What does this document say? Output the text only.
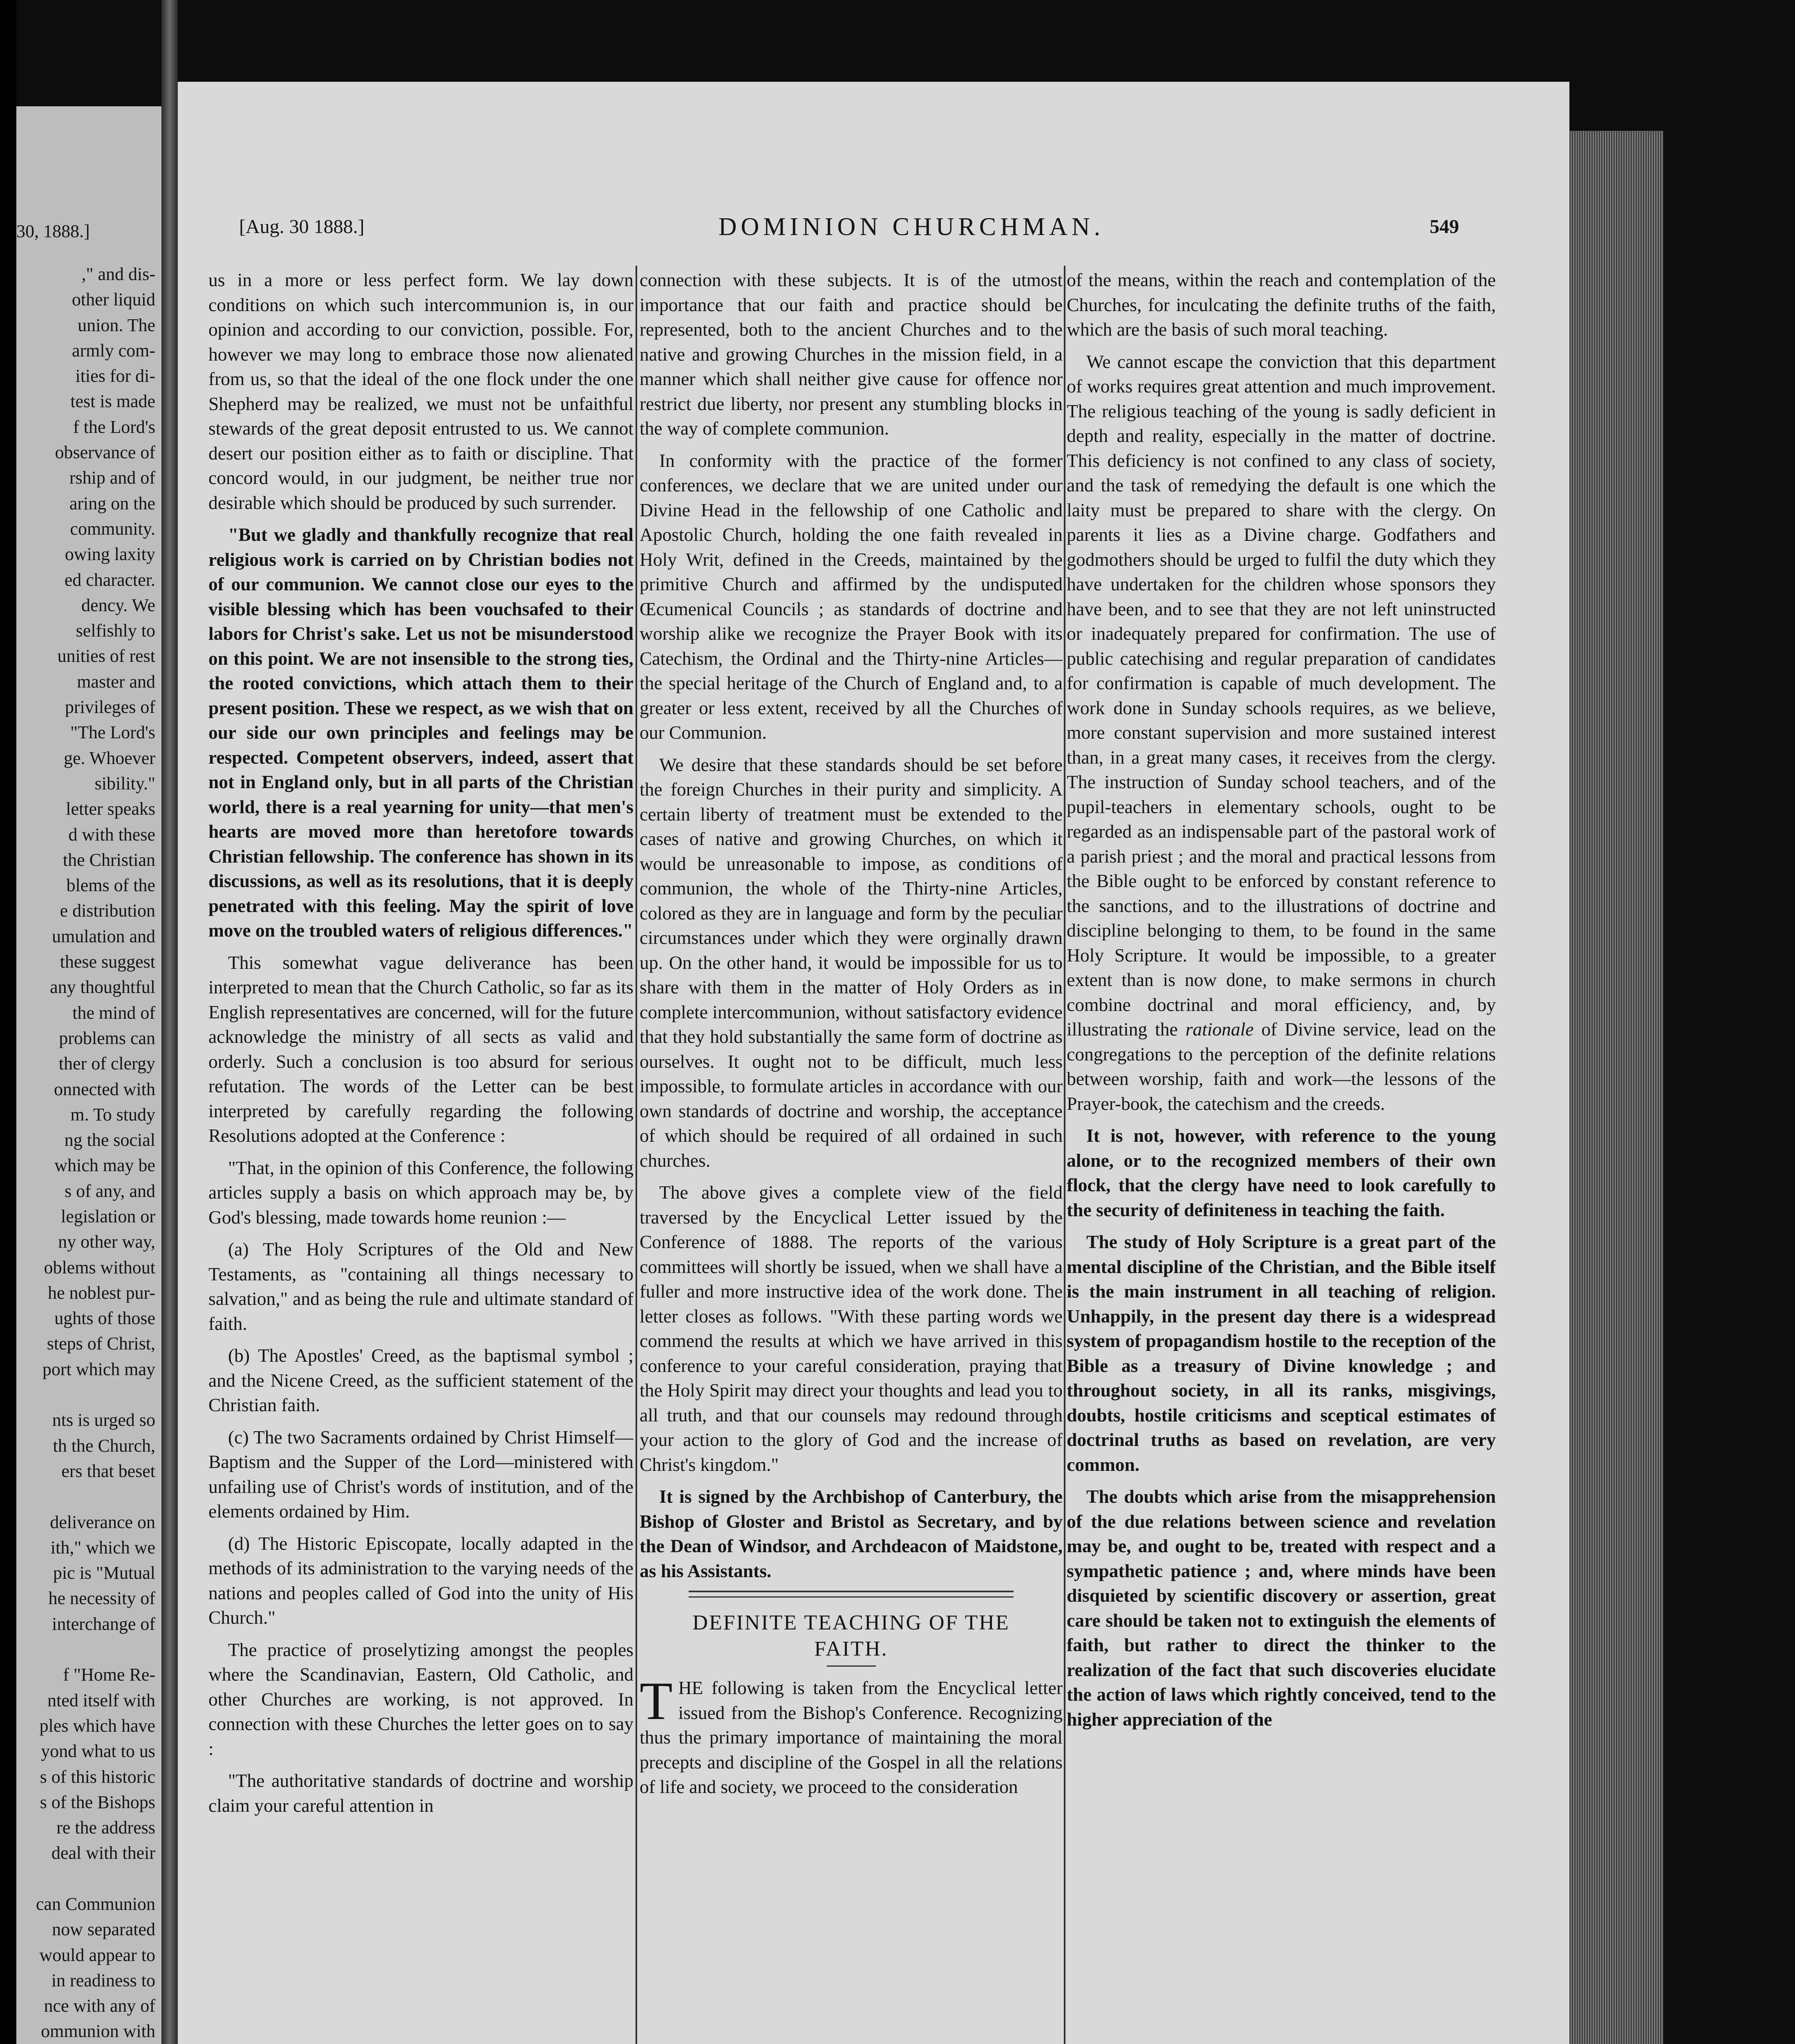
30, 1888.]
," and dis-
other liquid
union. The
armly com-
ities for di-
test is made
f the Lord's
observance of
rship and of
aring on the
community.
owing laxity
ed character.
dency. We
selfishly to
unities of rest
master and
privileges of
"The Lord's
ge. Whoever
sibility."
letter speaks
d with these
the Christian
blems of the
e distribution
umulation and
these suggest
any thoughtful
the mind of
problems can
ther of clergy
onnected with
m. To study
ng the social
which may be
s of any, and
legislation or
ny other way,
oblems without
he noblest pur-
ughts of those
steps of Christ,
port which may
nts is urged so
th the Church,
ers that beset
deliverance on
ith," which we
pic is "Mutual
he necessity of
interchange of
f "Home Re-
nted itself with
ples which have
yond what to us
s of this historic
s of the Bishops
re the address
deal with their
can Communion
now separated
would appear to
in readiness to
nce with any of
ommunion with
[Aug. 30 1888.]	DOMINION CHURCHMAN.	549

us in a more or less perfect form. We lay down conditions on which such intercommunion is, in our opinion and according to our conviction, possible. For, however we may long to embrace those now alienated from us, so that the ideal of the one flock under the one Shepherd may be realized, we must not be unfaithful stewards of the great deposit entrusted to us. We cannot desert our position either as to faith or discipline. That concord would, in our judgment, be neither true nor desirable which should be produced by such surrender.

"But we gladly and thankfully recognize that real religious work is carried on by Christian bodies not of our communion. We cannot close our eyes to the visible blessing which has been vouchsafed to their labors for Christ's sake. Let us not be misunderstood on this point. We are not insensible to the strong ties, the rooted convictions, which attach them to their present position. These we respect, as we wish that on our side our own principles and feelings may be respected. Competent observers, indeed, assert that not in England only, but in all parts of the Christian world, there is a real yearning for unity—that men's hearts are moved more than heretofore towards Christian fellowship. The conference has shown in its discussions, as well as its resolutions, that it is deeply penetrated with this feeling. May the spirit of love move on the troubled waters of religious differences."

This somewhat vague deliverance has been interpreted to mean that the Church Catholic, so far as its English representatives are concerned, will for the future acknowledge the ministry of all sects as valid and orderly. Such a conclusion is too absurd for serious refutation. The words of the Letter can be best interpreted by carefully regarding the following Resolutions adopted at the Conference :

"That, in the opinion of this Conference, the following articles supply a basis on which approach may be, by God's blessing, made towards home reunion :—

(a) The Holy Scriptures of the Old and New Testaments, as "containing all things necessary to salvation," and as being the rule and ultimate standard of faith.

(b) The Apostles' Creed, as the baptismal symbol ; and the Nicene Creed, as the sufficient statement of the Christian faith.

(c) The two Sacraments ordained by Christ Himself—Baptism and the Supper of the Lord—ministered with unfailing use of Christ's words of institution, and of the elements ordained by Him.

(d) The Historic Episcopate, locally adapted in the methods of its administration to the varying needs of the nations and peoples called of God into the unity of His Church."

The practice of proselytizing amongst the peoples where the Scandinavian, Eastern, Old Catholic, and other Churches are working, is not approved. In connection with these Churches the letter goes on to say :

"The authoritative standards of doctrine and worship claim your careful attention in

connection with these subjects. It is of the utmost importance that our faith and practice should be represented, both to the ancient Churches and to the native and growing Churches in the mission field, in a manner which shall neither give cause for offence nor restrict due liberty, nor present any stumbling blocks in the way of complete communion.

In conformity with the practice of the former conferences, we declare that we are united under our Divine Head in the fellowship of one Catholic and Apostolic Church, holding the one faith revealed in Holy Writ, defined in the Creeds, maintained by the primitive Church and affirmed by the undisputed Œcumenical Councils ; as standards of doctrine and worship alike we recognize the Prayer Book with its Catechism, the Ordinal and the Thirty-nine Articles—the special heritage of the Church of England and, to a greater or less extent, received by all the Churches of our Communion.

We desire that these standards should be set before the foreign Churches in their purity and simplicity. A certain liberty of treatment must be extended to the cases of native and growing Churches, on which it would be unreasonable to impose, as conditions of communion, the whole of the Thirty-nine Articles, colored as they are in language and form by the peculiar circumstances under which they were orginally drawn up. On the other hand, it would be impossible for us to share with them in the matter of Holy Orders as in complete intercommunion, without satisfactory evidence that they hold substantially the same form of doctrine as ourselves. It ought not to be difficult, much less impossible, to formulate articles in accordance with our own standards of doctrine and worship, the acceptance of which should be required of all ordained in such churches.

The above gives a complete view of the field traversed by the Encyclical Letter issued by the Conference of 1888. The reports of the various committees will shortly be issued, when we shall have a fuller and more instructive idea of the work done. The letter closes as follows. "With these parting words we commend the results at which we have arrived in this conference to your careful consideration, praying that the Holy Spirit may direct your thoughts and lead you to all truth, and that our counsels may redound through your action to the glory of God and the increase of Christ's kingdom."

It is signed by the Archbishop of Canterbury, the Bishop of Gloster and Bristol as Secretary, and by the Dean of Windsor, and Archdeacon of Maidstone, as his Assistants.

DEFINITE TEACHING OF THE FAITH.

THE following is taken from the Encyclical letter issued from the Bishop's Conference. Recognizing thus the primary importance of maintaining the moral precepts and discipline of the Gospel in all the relations of life and society, we proceed to the consideration

of the means, within the reach and contemplation of the Churches, for inculcating the definite truths of the faith, which are the basis of such moral teaching.

We cannot escape the conviction that this department of works requires great attention and much improvement. The religious teaching of the young is sadly deficient in depth and reality, especially in the matter of doctrine. This deficiency is not confined to any class of society, and the task of remedying the default is one which the laity must be prepared to share with the clergy. On parents it lies as a Divine charge. Godfathers and godmothers should be urged to fulfil the duty which they have undertaken for the children whose sponsors they have been, and to see that they are not left uninstructed or inadequately prepared for confirmation. The use of public catechising and regular preparation of candidates for confirmation is capable of much development. The work done in Sunday schools requires, as we believe, more constant supervision and more sustained interest than, in a great many cases, it receives from the clergy. The instruction of Sunday school teachers, and of the pupil-teachers in elementary schools, ought to be regarded as an indispensable part of the pastoral work of a parish priest ; and the moral and practical lessons from the Bible ought to be enforced by constant reference to the sanctions, and to the illustrations of doctrine and discipline belonging to them, to be found in the same Holy Scripture. It would be impossible, to a greater extent than is now done, to make sermons in church combine doctrinal and moral efficiency, and, by illustrating the rationale of Divine service, lead on the congregations to the perception of the definite relations between worship, faith and work—the lessons of the Prayer-book, the catechism and the creeds.

It is not, however, with reference to the young alone, or to the recognized members of their own flock, that the clergy have need to look carefully to the security of definiteness in teaching the faith.

The study of Holy Scripture is a great part of the mental discipline of the Christian, and the Bible itself is the main instrument in all teaching of religion. Unhappily, in the present day there is a widespread system of propagandism hostile to the reception of the Bible as a treasury of Divine knowledge ; and throughout society, in all its ranks, misgivings, doubts, hostile criticisms and sceptical estimates of doctrinal truths as based on revelation, are very common.

The doubts which arise from the misapprehension of the due relations between science and revelation may be, and ought to be, treated with respect and a sympathetic patience ; and, where minds have been disquieted by scientific discovery or assertion, great care should be taken not to extinguish the elements of faith, but rather to direct the thinker to the realization of the fact that such discoveries elucidate the action of laws which rightly conceived, tend to the higher appreciation of the
